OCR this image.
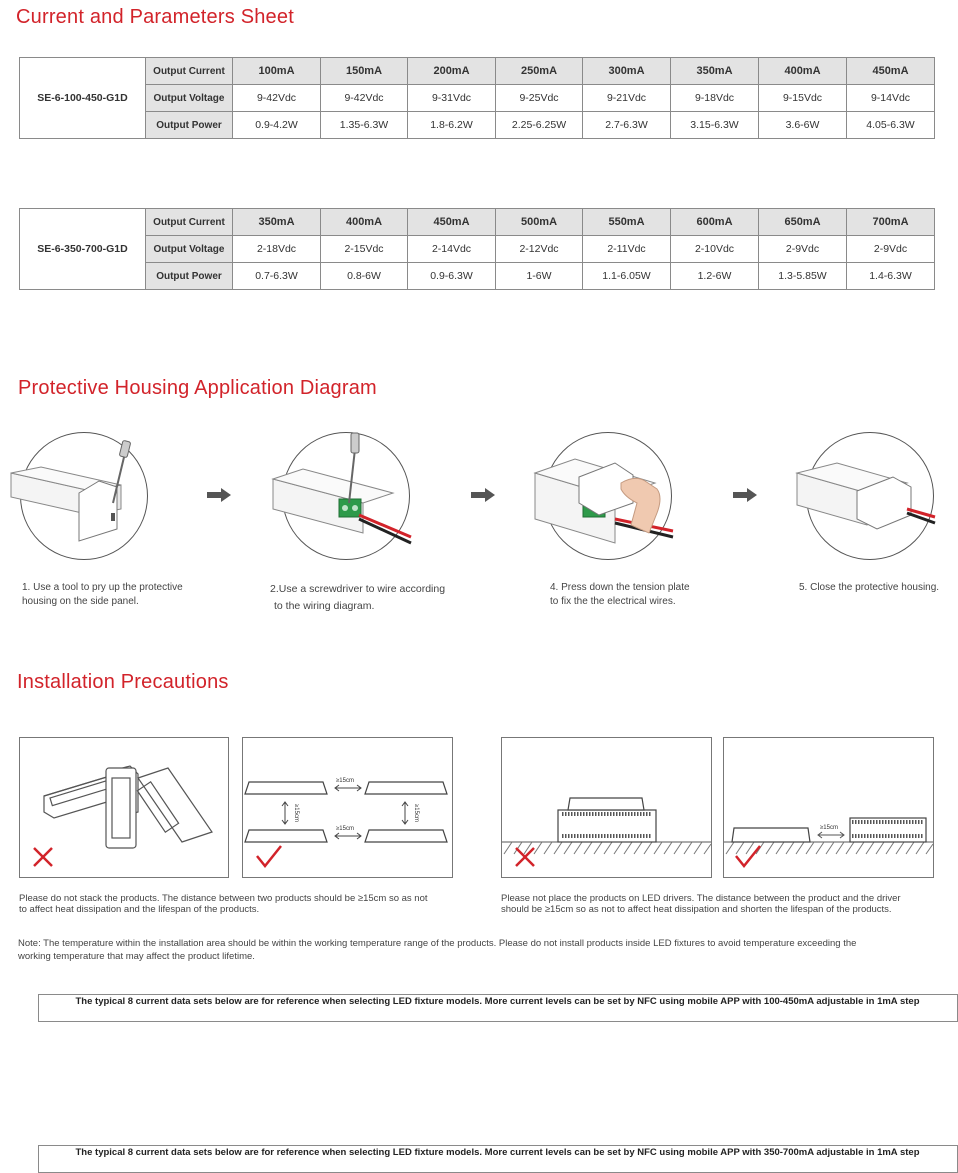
Current and Parameters Sheet
The typical 8 current data sets below are for reference when selecting LED fixture models. More current levels can be set by NFC using mobile APP with 100-450mA adjustable in 1mA step

SE-6-100-450-G1D	Output Current	100mA	150mA	200mA	250mA	300mA	350mA	400mA	450mA
	Output Voltage	9-42Vdc	9-42Vdc	9-31Vdc	9-25Vdc	9-21Vdc	9-18Vdc	9-15Vdc	9-14Vdc
	Output Power	0.9-4.2W	1.35-6.3W	1.8-6.2W	2.25-6.25W	2.7-6.3W	3.15-6.3W	3.6-6W	4.05-6.3W
The typical 8 current data sets below are for reference when selecting LED fixture models. More current levels can be set by NFC using mobile APP with 350-700mA adjustable in 1mA step

SE-6-350-700-G1D	Output Current	350mA	400mA	450mA	500mA	550mA	600mA	650mA	700mA
	Output Voltage	2-18Vdc	2-15Vdc	2-14Vdc	2-12Vdc	2-11Vdc	2-10Vdc	2-9Vdc	2-9Vdc
	Output Power	0.7-6.3W	0.8-6W	0.9-6.3W	1-6W	1.1-6.05W	1.2-6W	1.3-5.85W	1.4-6.3W
Protective Housing Application Diagram
1. Use a tool to pry up the protective
housing on the side panel.
2.Use a screwdriver to wire according
to the wiring diagram.
4. Press down the tension plate
to fix the the electrical wires.
5. Close the protective housing.
Installation Precautions
≥15cm
≥15cm
≥15cm	≥15cm
≥15cm
Please do not stack the products. The distance between two products should be ≥15cm so as not
to affect heat dissipation and the lifespan of the products.
Please not place the products on LED drivers. The distance between the product and the driver
should be ≥15cm so as not to affect heat dissipation and shorten the lifespan of the products.
Note: The temperature within the installation area should be within the working temperature range of the products. Please do not install products inside LED fixtures to avoid temperature exceeding the
working temperature that may affect the product lifetime.
